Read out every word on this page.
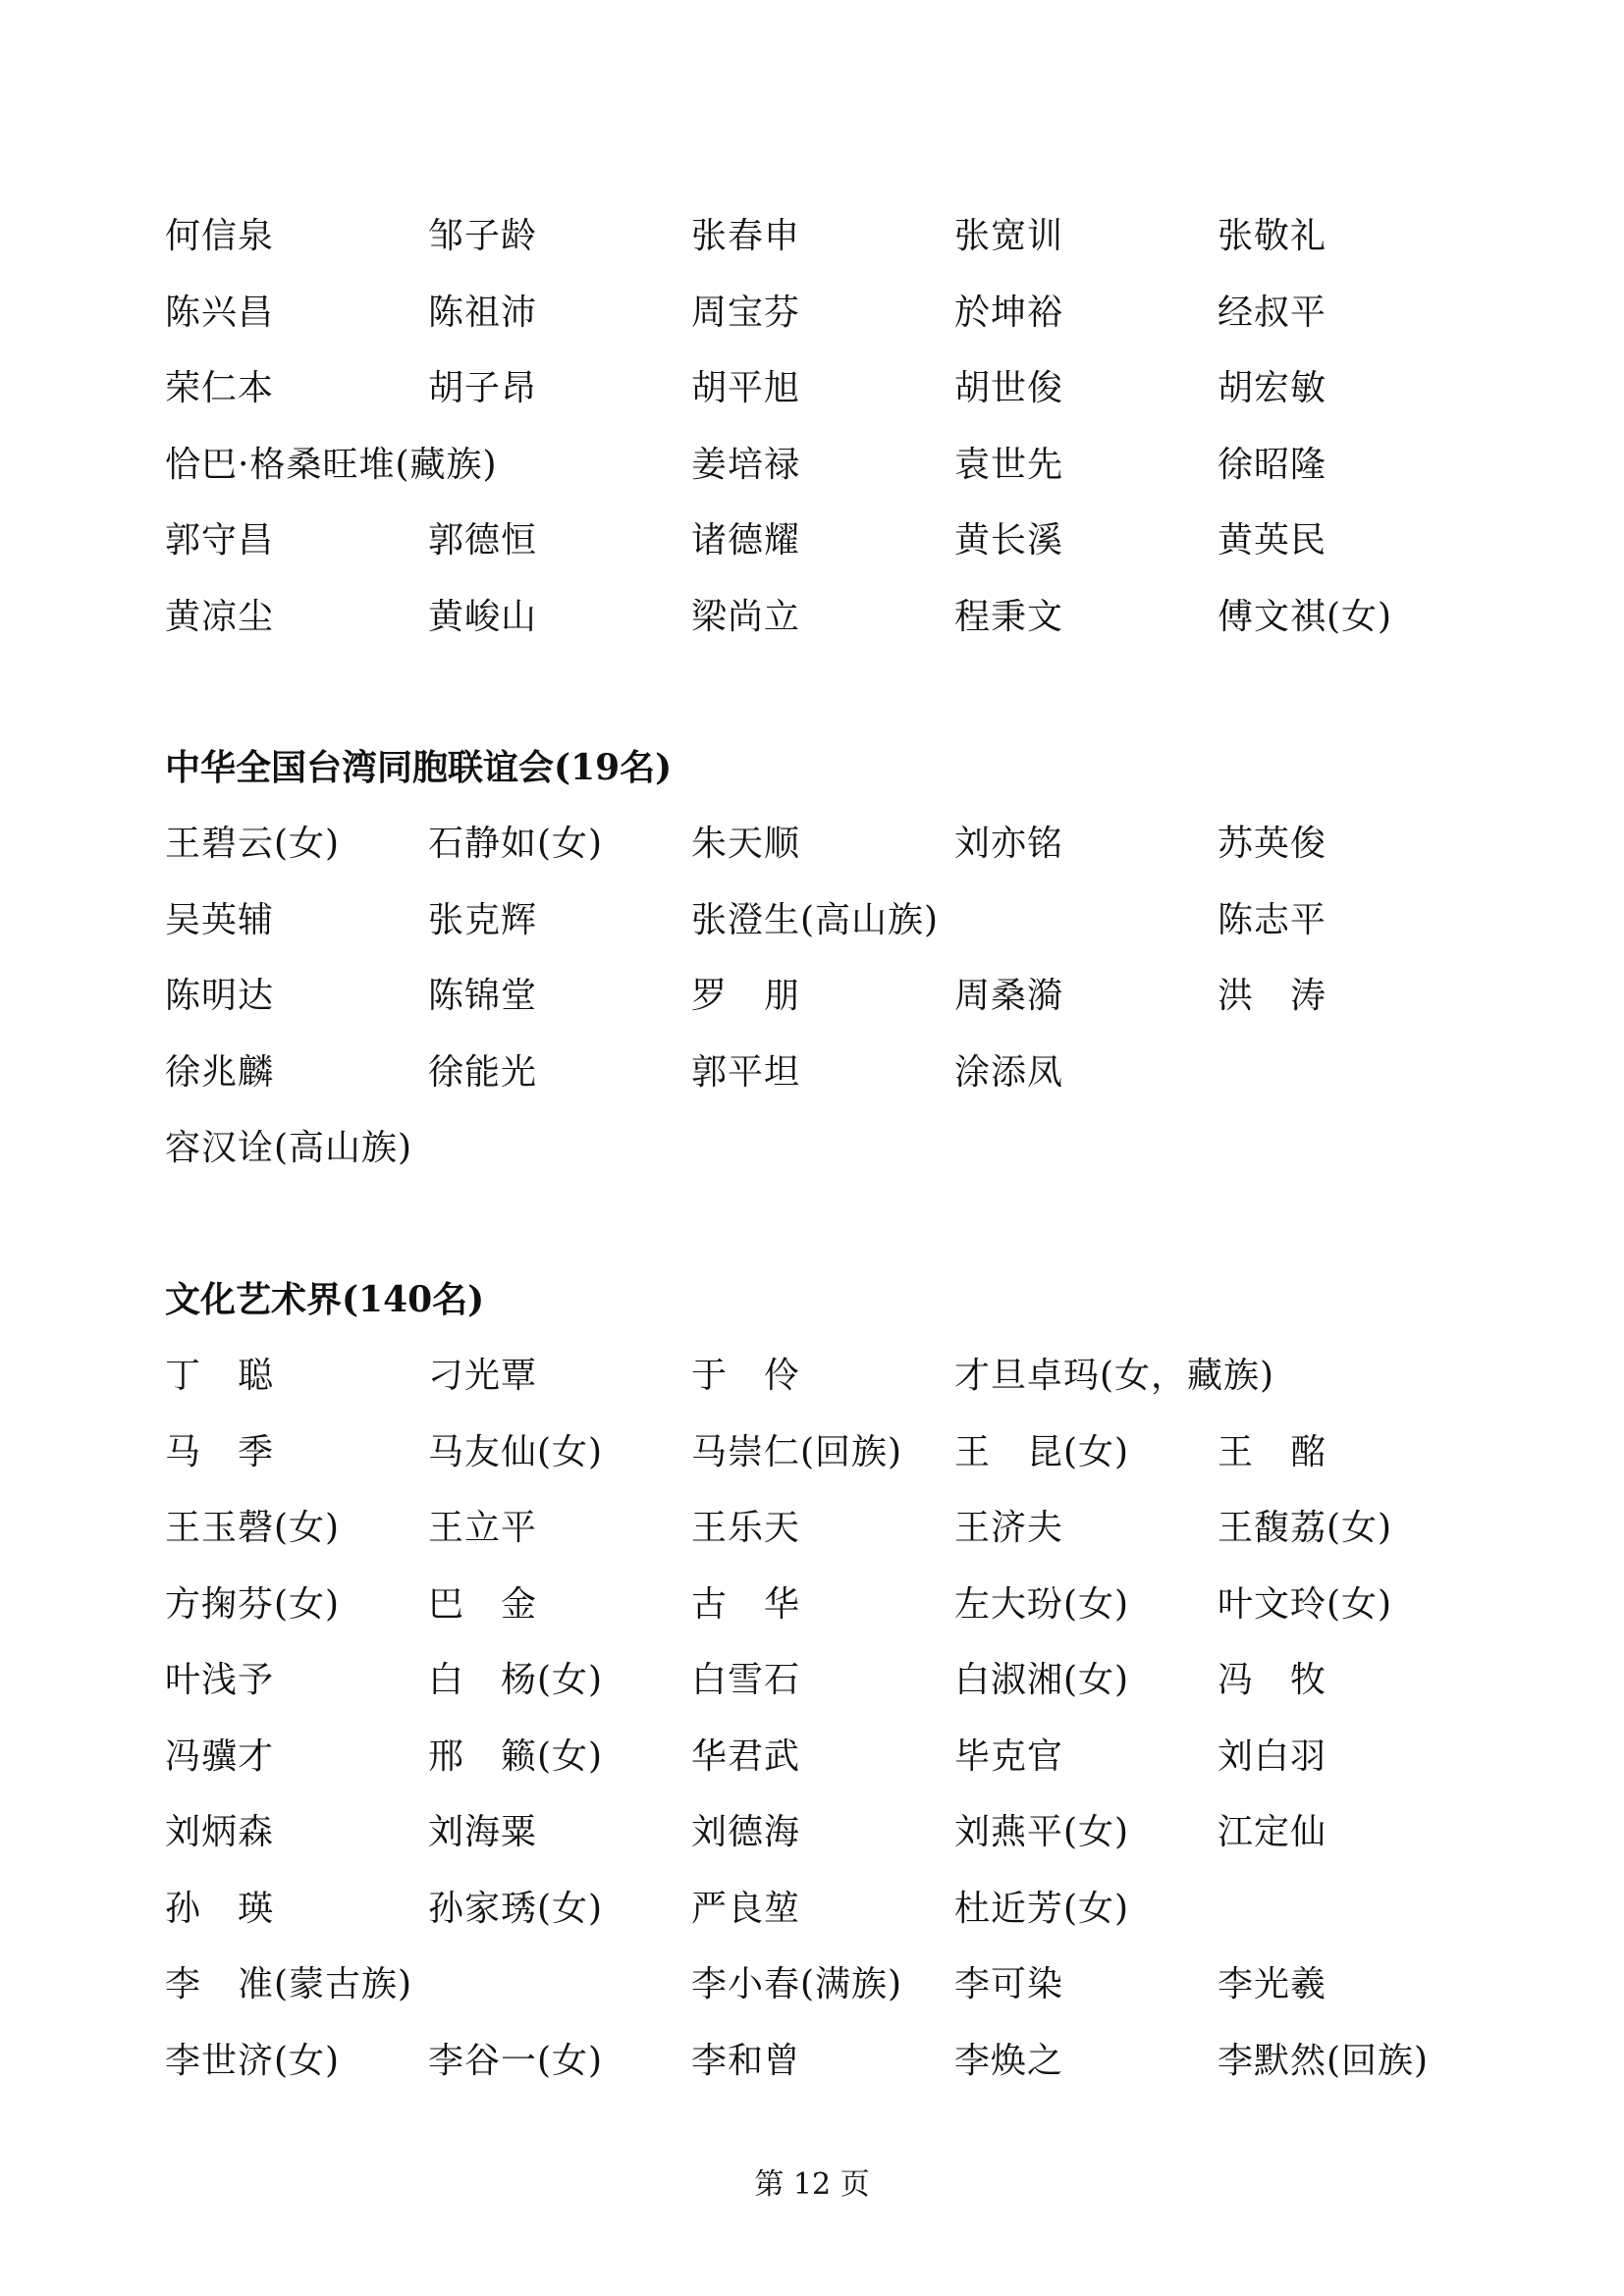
何信泉	邹子龄	张春申	张宽训	张敬礼
陈兴昌	陈祖沛	周宝芬	於坤裕	经叔平
荣仁本	胡子昂	胡平旭	胡世俊	胡宏敏
恰巴·格桑旺堆(藏族)	姜培禄	袁世先	徐昭隆
郭守昌	郭德恒	诸德耀	黄长溪	黄英民
黄凉尘	黄峻山	梁尚立	程秉文	傅文祺(女)
中华全国台湾同胞联谊会(19名)
王碧云(女) 石静如(女) 朱天顺	刘亦铭	苏英俊
吴英辅	张克辉	张澄生(高山族)	陈志平
陈明达	陈锦堂	罗　朋	周桑漪	洪　涛
徐兆麟	徐能光	郭平坦	涂添凤
容汉诠(高山族)
文化艺术界(140名)
丁　聪	刁光覃	于　伶	才旦卓玛(女，藏族)
马　季	马友仙(女) 马崇仁(回族) 王　昆(女) 王　酩
王玉磬(女) 王立平	王乐天	王济夫	王馥荔(女)
方掬芬(女) 巴　金	古　华	左大玢(女) 叶文玲(女)
叶浅予	白　杨(女) 白雪石	白淑湘(女) 冯　牧
冯骥才	邢　籁(女) 华君武	毕克官	刘白羽
刘炳森	刘海粟	刘德海	刘燕平(女) 江定仙
孙　瑛	孙家琇(女) 严良堃	杜近芳(女)
李　准(蒙古族)	李小春(满族) 李可染	李光羲
李世济(女) 李谷一(女) 李和曾	李焕之	李默然(回族)
第 12 页
